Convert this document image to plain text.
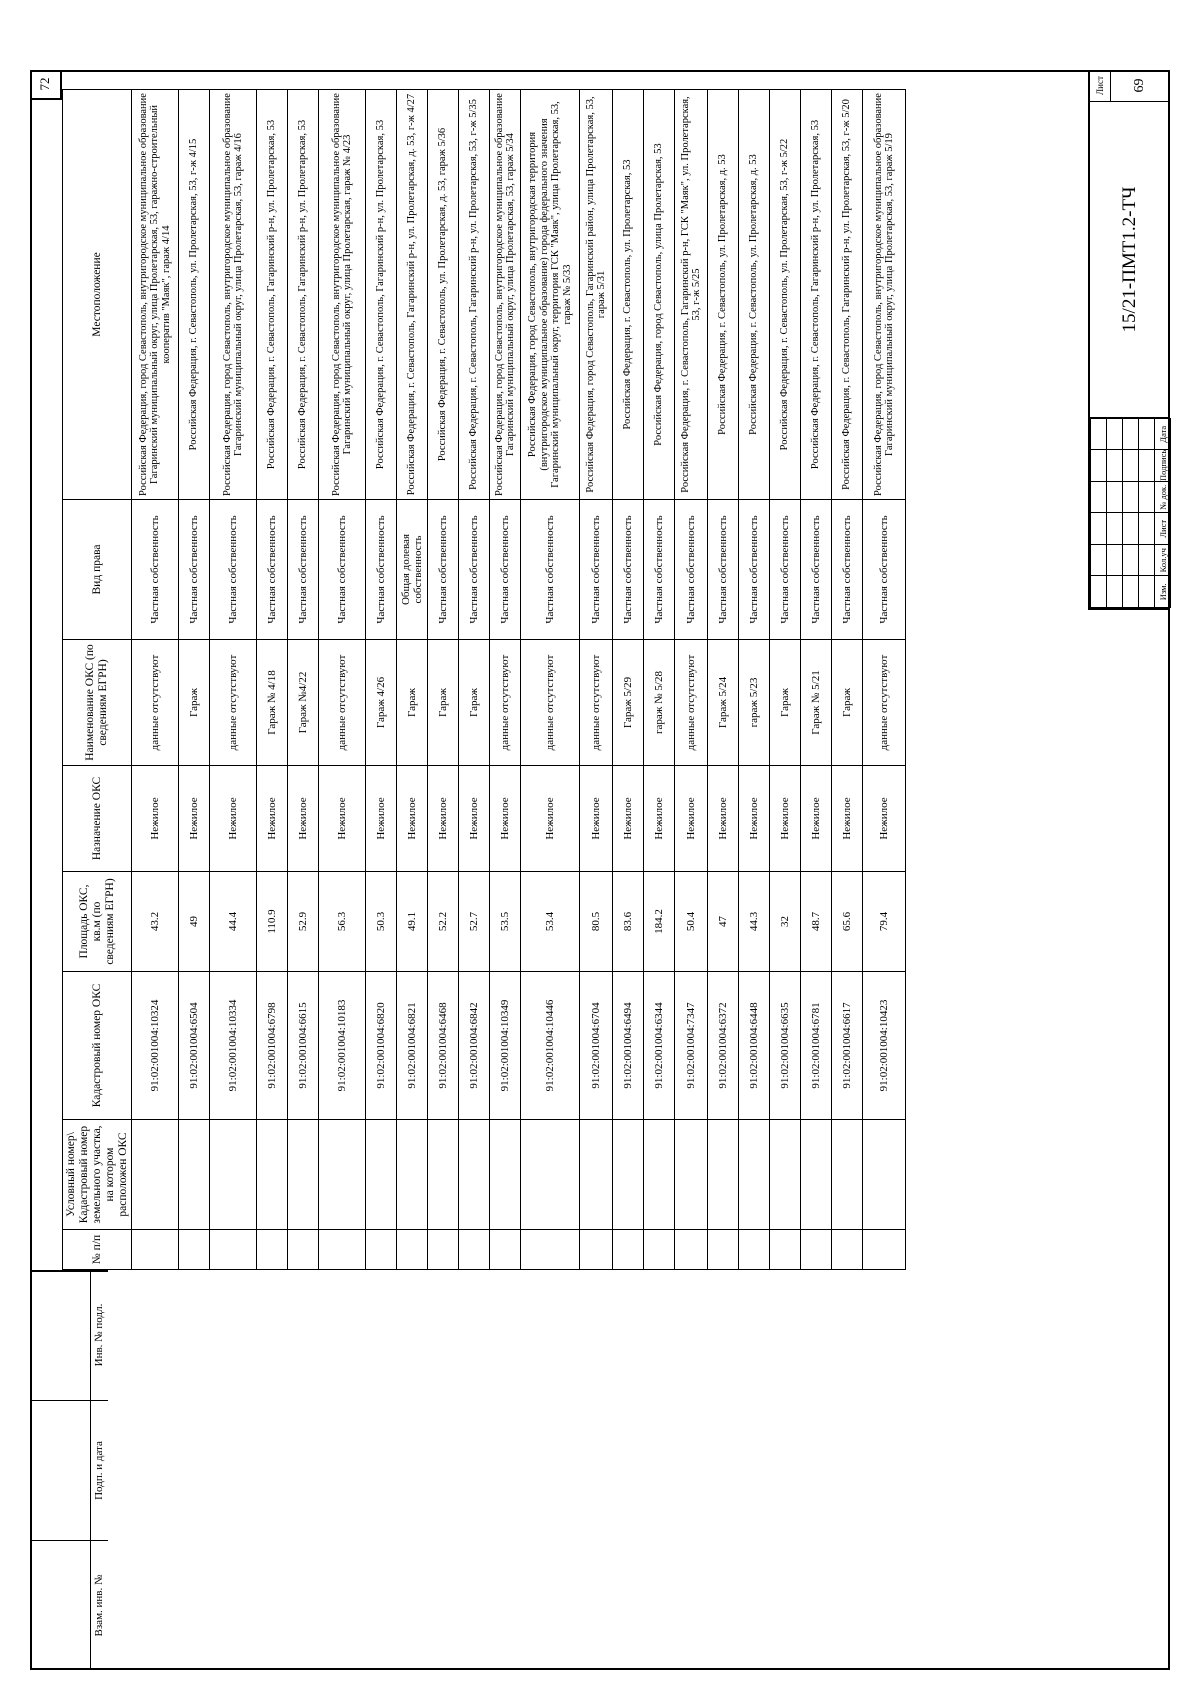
72
Взам. инв. №
Подп. и дата
Инв. № подл.
№ п/п	Условный номер\ Кадастровый номер земельного участка, на котором расположен ОКС	Кадастровый номер ОКС	Площадь ОКС, кв.м (по сведениям ЕГРН)	Назначение ОКС	Наименование ОКС (по сведениям ЕГРН)	Вид права	Местоположение
		91:02:001004:10324	43.2	Нежилое	данные отсутствуют	Частная собственность	Российская Федерация, город Севастополь, внутригородское муниципальное образование Гагаринский муниципальный округ, улица Пролетарская, 53, гаражно-строительный кооператив "Маяк", гараж 4/14
		91:02:001004:6504	49	Нежилое	Гараж	Частная собственность	Российская Федерация, г. Севастополь, ул. Пролетарская, 53, г-ж 4/15
		91:02:001004:10334	44.4	Нежилое	данные отсутствуют	Частная собственность	Российская Федерация, город Севастополь, внутригородское муниципальное образование Гагаринский муниципальный округ, улица Пролетарская, 53, гараж 4/16
		91:02:001004:6798	110.9	Нежилое	Гараж № 4/18	Частная собственность	Российская Федерация, г. Севастополь, Гагаринский р-н, ул. Пролетарская, 53
		91:02:001004:6615	52.9	Нежилое	Гараж №4/22	Частная собственность	Российская Федерация, г. Севастополь, Гагаринский р-н, ул. Пролетарская, 53
		91:02:001004:10183	56.3	Нежилое	данные отсутствуют	Частная собственность	Российская Федерация, город Севастополь, внутригородское муниципальное образование Гагаринский муниципальный округ, улица Пролетарская, гараж № 4/23
		91:02:001004:6820	50.3	Нежилое	Гараж 4/26	Частная собственность	Российская Федерация, г. Севастополь, Гагаринский р-н, ул. Пролетарская, 53
		91:02:001004:6821	49.1	Нежилое	Гараж	Общая долевая собственность	Российская Федерация, г. Севастополь, Гагаринский р-н, ул. Пролетарская, д. 53, г-ж 4/27
		91:02:001004:6468	52.2	Нежилое	Гараж	Частная собственность	Российская Федерация, г. Севастополь, ул. Пролетарская, д. 53, гараж 5/36
		91:02:001004:6842	52.7	Нежилое	Гараж	Частная собственность	Российская Федерация, г. Севастополь, Гагаринский р-н, ул. Пролетарская, 53, г-ж 5/35
		91:02:001004:10349	53.5	Нежилое	данные отсутствуют	Частная собственность	Российская Федерация, город Севастополь, внутригородское муниципальное образование Гагаринский муниципальный округ, улица Пролетарская, 53, гараж 5/34
		91:02:001004:10446	53.4	Нежилое	данные отсутствуют	Частная собственность	Российская Федерация, город Севастополь, внутригородская территория (внутригородское муниципальное образование) города федерального значения Гагаринский муниципальный округ, территория ГСК "Маяк", улица Пролетарская, 53, гараж № 5/33
		91:02:001004:6704	80.5	Нежилое	данные отсутствуют	Частная собственность	Российская Федерация, город Севастополь, Гагаринский район, улица Пролетарская, 53, гараж 5/31
		91:02:001004:6494	83.6	Нежилое	Гараж 5/29	Частная собственность	Российская Федерация, г. Севастополь, ул. Пролетарская, 53
		91:02:001004:6344	184.2	Нежилое	гараж № 5/28	Частная собственность	Российская Федерация, город Севастополь, улица Пролетарская, 53
		91:02:001004:7347	50.4	Нежилое	данные отсутствуют	Частная собственность	Российская Федерация, г. Севастополь, Гагаринский р-н, ГСК "Маяк", ул. Пролетарская, 53, г-ж 5/25
		91:02:001004:6372	47	Нежилое	Гараж 5/24	Частная собственность	Российская Федерация, г. Севастополь, ул. Пролетарская, д. 53
		91:02:001004:6448	44.3	Нежилое	гараж 5/23	Частная собственность	Российская Федерация, г. Севастополь, ул. Пролетарская, д. 53
		91:02:001004:6635	32	Нежилое	Гараж	Частная собственность	Российская Федерация, г. Севастополь, ул. Пролетарская, 53, г-ж 5/22
		91:02:001004:6781	48.7	Нежилое	Гараж № 5/21	Частная собственность	Российская Федерация, г. Севастополь, Гагаринский р-н, ул. Пролетарская, 53
		91:02:001004:6617	65.6	Нежилое	Гараж	Частная собственность	Российская Федерация, г. Севастополь, Гагаринский р-н, ул. Пролетарская, 53, г-ж 5/20
		91:02:001004:10423	79.4	Нежилое	данные отсутствуют	Частная собственность	Российская Федерация, город Севастополь, внутригородское муниципальное образование Гагаринский муниципальный округ, улица Пролетарская, 53, гараж 5/19

Изм.	Кол.уч	Лист	№ док.	Подпись	Дата
15/21-ПМТ1.2-ТЧ
Лист	69
